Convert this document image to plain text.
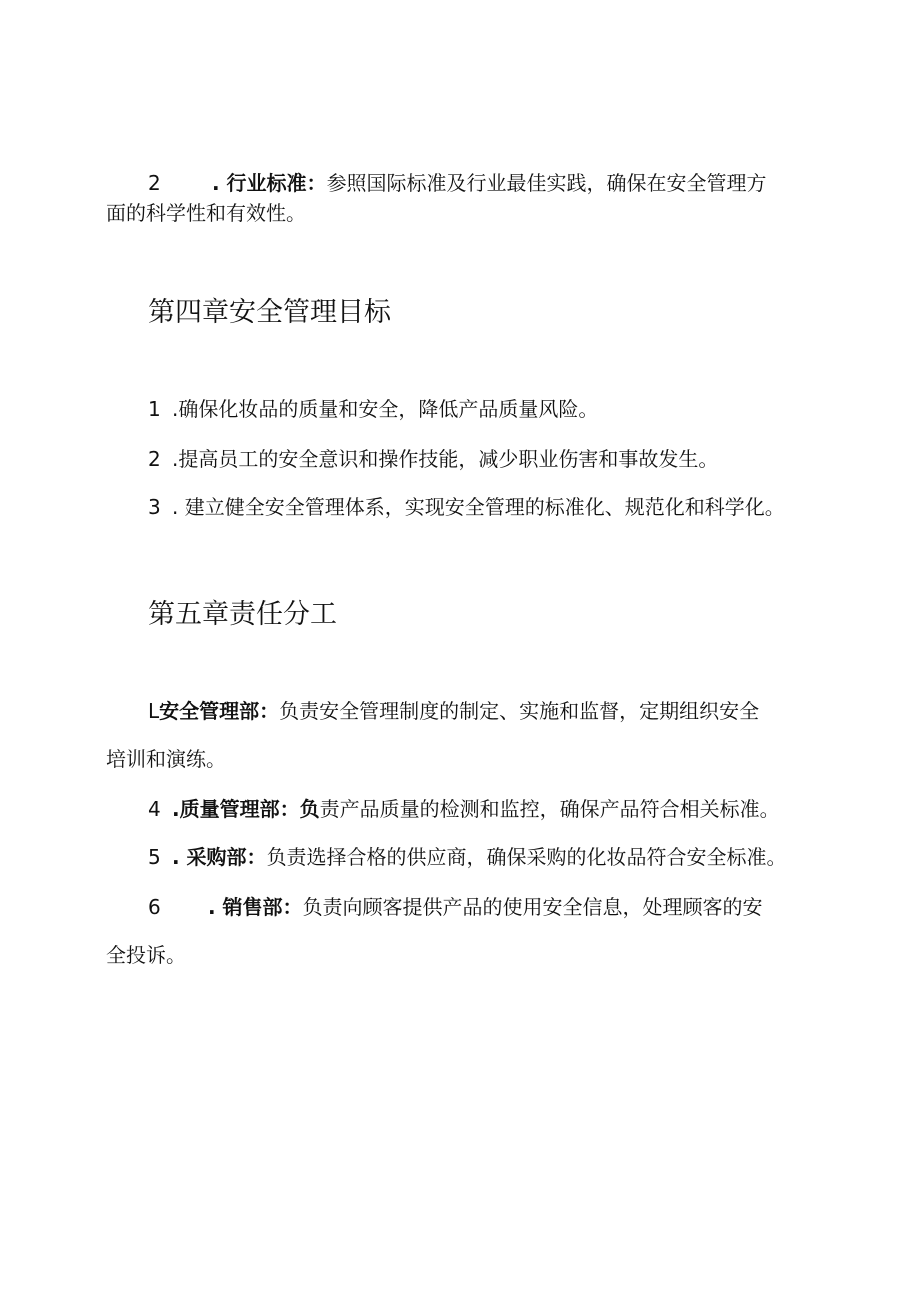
2	. 行业标准：参照国际标准及行业最佳实践，确保在安全管理方
面的科学性和有效性。
第四章安全管理目标
1 .确保化妆品的质量和安全，降低产品质量风险。
2 .提高员工的安全意识和操作技能，减少职业伤害和事故发生。
3 . 建立健全安全管理体系，实现安全管理的标准化、规范化和科学化。
第五章责任分工
L安全管理部：负责安全管理制度的制定、实施和监督，定期组织安全
培训和演练。
4 .质量管理部：负责产品质量的检测和监控，确保产品符合相关标准。
5 . 采购部：负责选择合格的供应商，确保采购的化妆品符合安全标准。
6 . 销售部：负责向顾客提供产品的使用安全信息，处理顾客的安
全投诉。
